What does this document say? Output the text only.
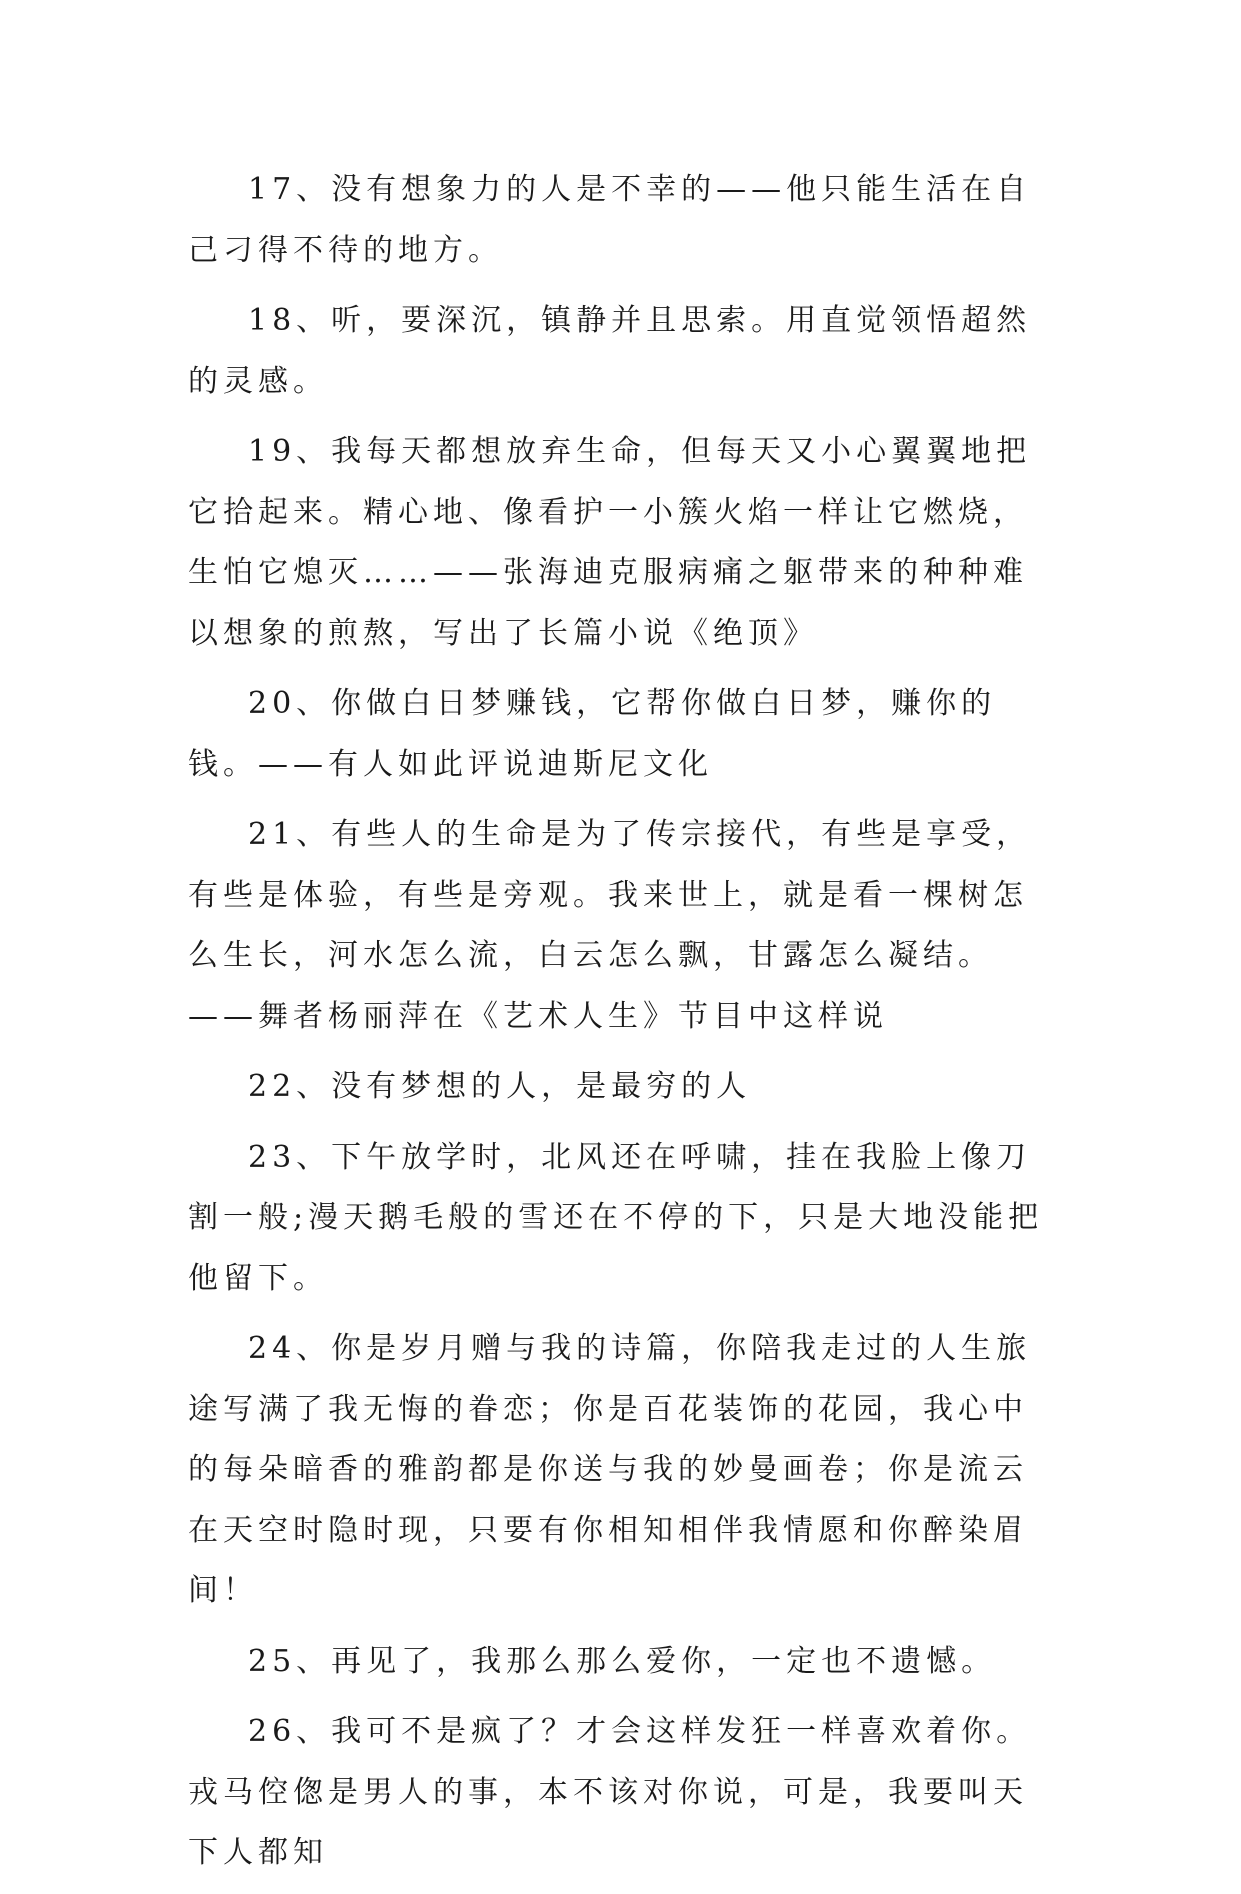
17、没有想象力的人是不幸的——他只能生活在自己刁得不待的地方。

18、听，要深沉，镇静并且思索。用直觉领悟超然的灵感。

19、我每天都想放弃生命，但每天又小心翼翼地把它拾起来。精心地、像看护一小簇火焰一样让它燃烧，生怕它熄灭……——张海迪克服病痛之躯带来的种种难以想象的煎熬，写出了长篇小说《绝顶》

20、你做白日梦赚钱，它帮你做白日梦，赚你的钱。——有人如此评说迪斯尼文化

21、有些人的生命是为了传宗接代，有些是享受，有些是体验，有些是旁观。我来世上，就是看一棵树怎么生长，河水怎么流，白云怎么飘，甘露怎么凝结。 ——舞者杨丽萍在《艺术人生》节目中这样说

22、没有梦想的人，是最穷的人

23、下午放学时，北风还在呼啸，挂在我脸上像刀割一般;漫天鹅毛般的雪还在不停的下，只是大地没能把他留下。

24、你是岁月赠与我的诗篇，你陪我走过的人生旅途写满了我无悔的眷恋；你是百花装饰的花园，我心中的每朵暗香的雅韵都是你送与我的妙曼画卷；你是流云在天空时隐时现，只要有你相知相伴我情愿和你醉染眉间！

25、再见了，我那么那么爱你，一定也不遗憾。

26、我可不是疯了？才会这样发狂一样喜欢着你。戎马倥偬是男人的事，本不该对你说，可是，我要叫天下人都知
